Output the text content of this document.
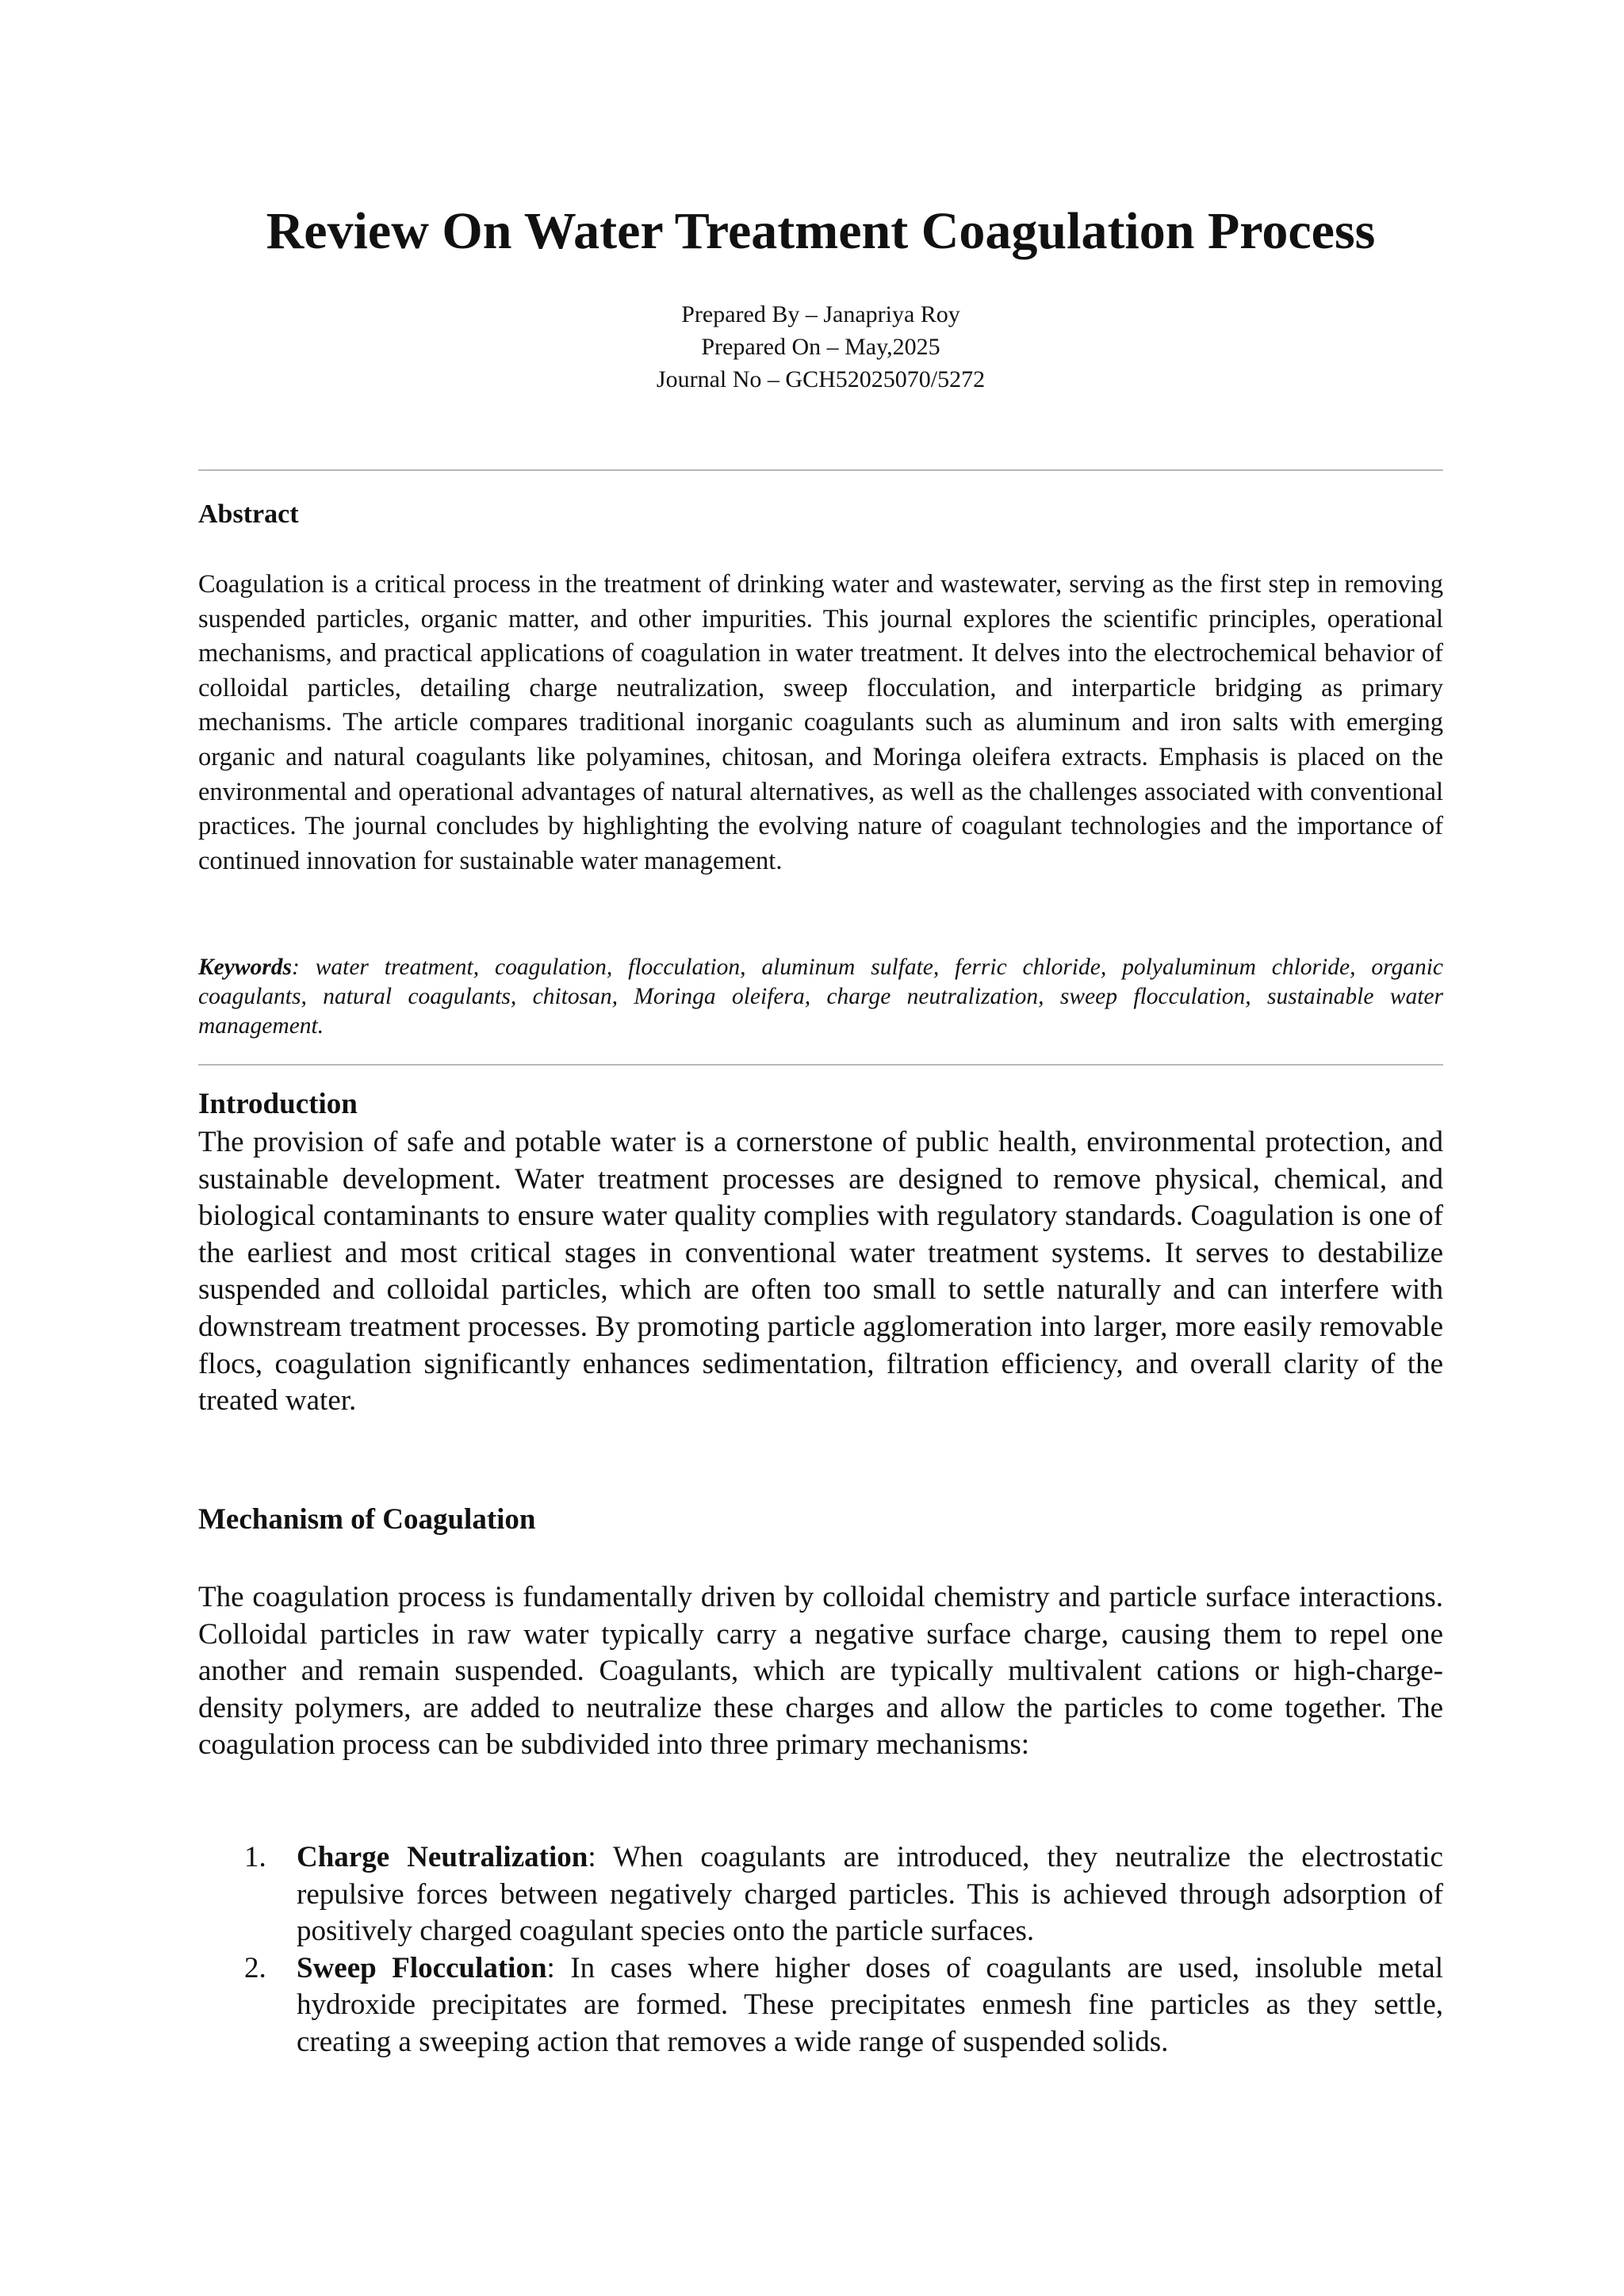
Review On Water Treatment Coagulation Process
Prepared By – Janapriya Roy
Prepared On – May,2025
Journal No – GCH52025070/5272
Abstract

Coagulation is a critical process in the treatment of drinking water and wastewater, serving as the first step in removing suspended particles, organic matter, and other impurities. This journal explores the scientific principles, operational mechanisms, and practical applications of coagulation in water treatment. It delves into the electrochemical behavior of colloidal particles, detailing charge neutralization, sweep flocculation, and interparticle bridging as primary mechanisms. The article compares traditional inorganic coagulants such as aluminum and iron salts with emerging organic and natural coagulants like polyamines, chitosan, and Moringa oleifera extracts. Emphasis is placed on the environmental and operational advantages of natural alternatives, as well as the challenges associated with conventional practices. The journal concludes by highlighting the evolving nature of coagulant technologies and the importance of continued innovation for sustainable water management.

Keywords: water treatment, coagulation, flocculation, aluminum sulfate, ferric chloride, polyaluminum chloride, organic coagulants, natural coagulants, chitosan, Moringa oleifera, charge neutralization, sweep flocculation, sustainable water management.

Introduction

The provision of safe and potable water is a cornerstone of public health, environmental protection, and sustainable development. Water treatment processes are designed to remove physical, chemical, and biological contaminants to ensure water quality complies with regulatory standards. Coagulation is one of the earliest and most critical stages in conventional water treatment systems. It serves to destabilize suspended and colloidal particles, which are often too small to settle naturally and can interfere with downstream treatment processes. By promoting particle agglomeration into larger, more easily removable flocs, coagulation significantly enhances sedimentation, filtration efficiency, and overall clarity of the treated water.

Mechanism of Coagulation

The coagulation process is fundamentally driven by colloidal chemistry and particle surface interactions. Colloidal particles in raw water typically carry a negative surface charge, causing them to repel one another and remain suspended. Coagulants, which are typically multivalent cations or high-charge-density polymers, are added to neutralize these charges and allow the particles to come together. The coagulation process can be subdivided into three primary mechanisms:

1. Charge Neutralization: When coagulants are introduced, they neutralize the electrostatic repulsive forces between negatively charged particles. This is achieved through adsorption of positively charged coagulant species onto the particle surfaces.
2. Sweep Flocculation: In cases where higher doses of coagulants are used, insoluble metal hydroxide precipitates are formed. These precipitates enmesh fine particles as they settle, creating a sweeping action that removes a wide range of suspended solids.
